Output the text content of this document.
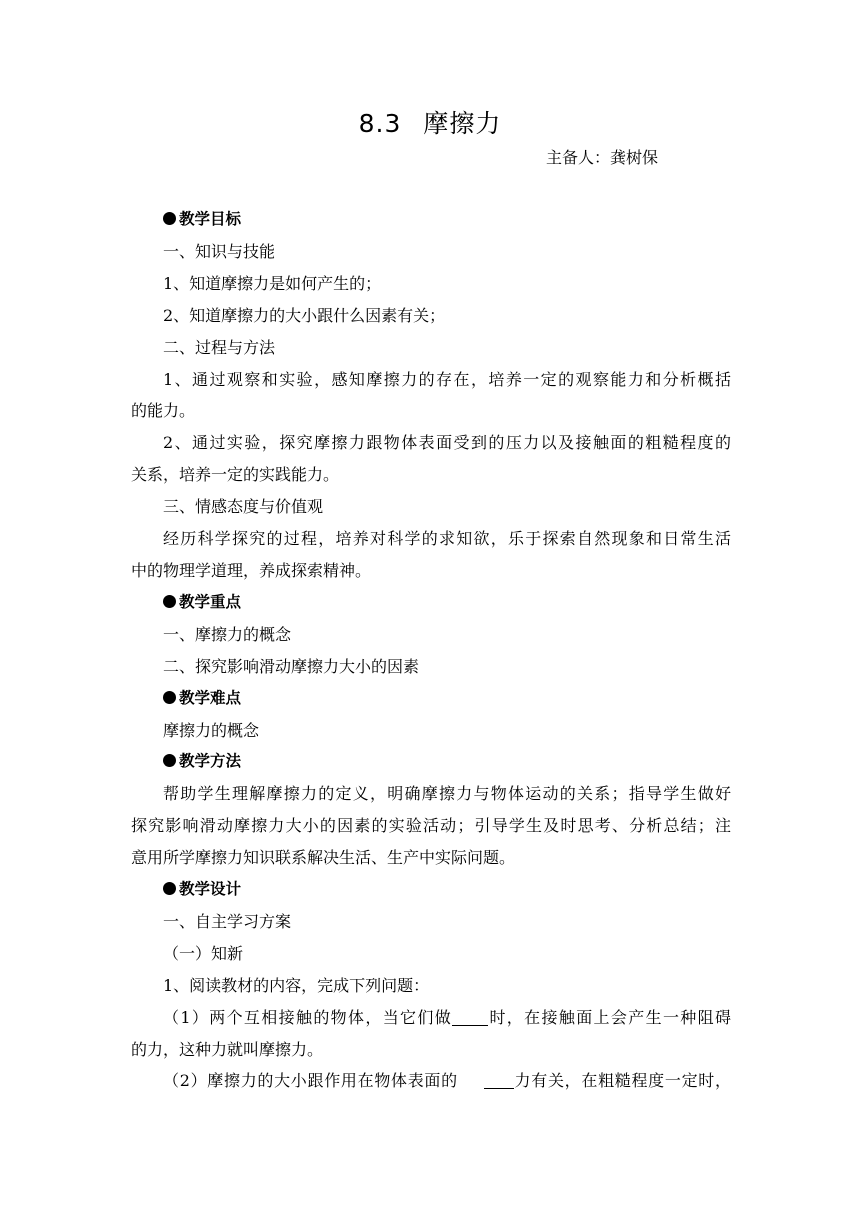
8.3 摩擦力
主备人：龚树保
教学目标
一、知识与技能
1、知道摩擦力是如何产生的；
2、知道摩擦力的大小跟什么因素有关；
二、过程与方法
1、通过观察和实验，感知摩擦力的存在，培养一定的观察能力和分析概括
的能力。
2、通过实验，探究摩擦力跟物体表面受到的压力以及接触面的粗糙程度的
关系，培养一定的实践能力。
三、情感态度与价值观
经历科学探究的过程，培养对科学的求知欲，乐于探索自然现象和日常生活
中的物理学道理，养成探索精神。
教学重点
一、摩擦力的概念
二、探究影响滑动摩擦力大小的因素
教学难点
摩擦力的概念
教学方法
帮助学生理解摩擦力的定义，明确摩擦力与物体运动的关系；指导学生做好
探究影响滑动摩擦力大小的因素的实验活动；引导学生及时思考、分析总结；注
意用所学摩擦力知识联系解决生活、生产中实际问题。
教学设计
一、自主学习方案
（一）知新
1、阅读教材的内容，完成下列问题：
（1）两个互相接触的物体，当它们做 时，在接触面上会产生一种阻碍
的力，这种力就叫摩擦力。
（2）摩擦力的大小跟作用在物体表面的	力有关，在粗糙程度一定时，
